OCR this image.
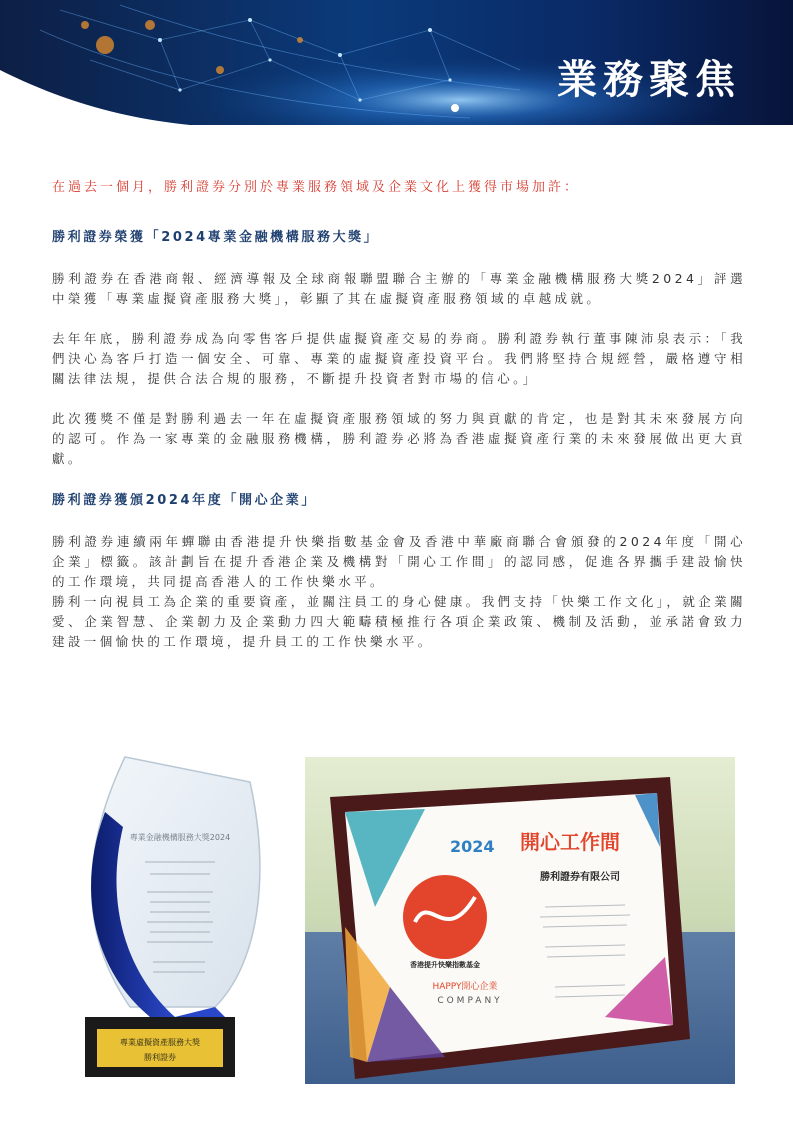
業務聚焦

在過去一個月，勝利證券分別於專業服務領域及企業文化上獲得市場加許：

勝利證券榮獲「2024專業金融機構服務大獎」

勝利證券在香港商報、經濟導報及全球商報聯盟聯合主辦的「專業金融機構服務大獎2024」評選中榮獲「專業虛擬資產服務大獎」，彰顯了其在虛擬資產服務領域的卓越成就。

去年年底，勝利證券成為向零售客戶提供虛擬資產交易的券商。勝利證券執行董事陳沛泉表示：「我們決心為客戶打造一個安全、可靠、專業的虛擬資產投資平台。我們將堅持合規經營，嚴格遵守相關法律法規，提供合法合規的服務，不斷提升投資者對市場的信心。」

此次獲獎不僅是對勝利過去一年在虛擬資產服務領域的努力與貢獻的肯定，也是對其未來發展方向的認可。作為一家專業的金融服務機構，勝利證券必將為香港虛擬資產行業的未來發展做出更大貢獻。

勝利證券獲頒2024年度「開心企業」

勝利證券連續兩年蟬聯由香港提升快樂指數基金會及香港中華廠商聯合會頒發的2024年度「開心企業」標籤。該計劃旨在提升香港企業及機構對「開心工作間」的認同感，促進各界攜手建設愉快的工作環境，共同提高香港人的工作快樂水平。

勝利一向視員工為企業的重要資產，並關注員工的身心健康。我們支持「快樂工作文化」，就企業關愛、企業智慧、企業韌力及企業動力四大範疇積極推行各項企業政策、機制及活動，並承諾會致力建設一個愉快的工作環境，提升員工的工作快樂水平。

專業金融機構服務大獎2024
專業虛擬資產服務大獎
勝利證券
2024 開心工作間
勝利證券有限公司
香港提升快樂指數基金
HAPPY開心企業
COMPANY
